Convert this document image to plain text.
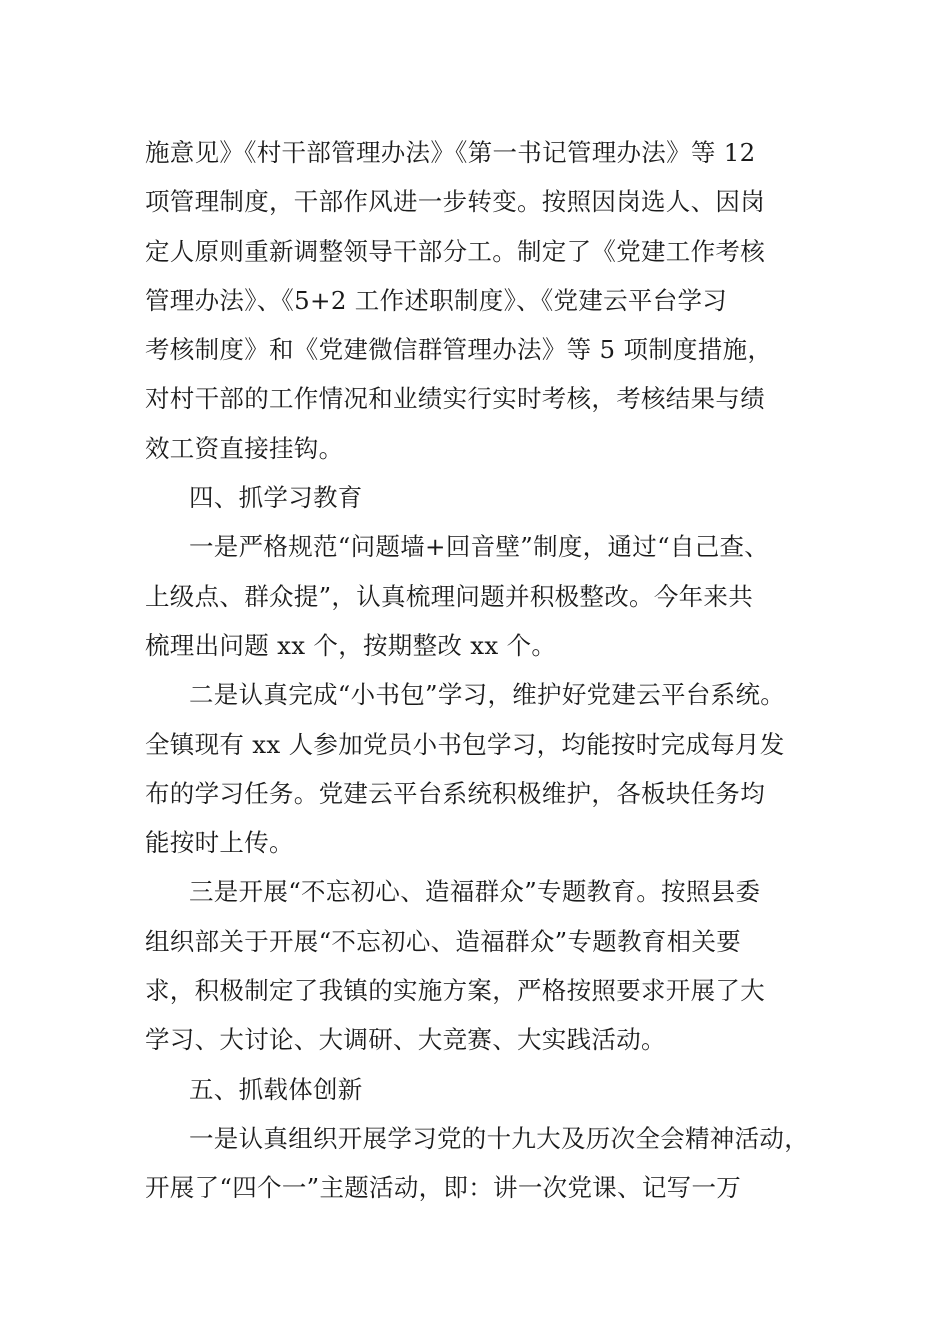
施意见》《村干部管理办法》《第一书记管理办法》等 12
项管理制度，干部作风进一步转变。按照因岗选人、因岗
定人原则重新调整领导干部分工。制定了《党建工作考核
管理办法》、《5+2 工作述职制度》、《党建云平台学习
考核制度》和《党建微信群管理办法》等 5 项制度措施，
对村干部的工作情况和业绩实行实时考核，考核结果与绩
效工资直接挂钩。
四、抓学习教育
一是严格规范“问题墙+回音壁”制度，通过“自己查、
上级点、群众提”，认真梳理问题并积极整改。今年来共
梳理出问题 xx 个，按期整改 xx 个。
二是认真完成“小书包”学习，维护好党建云平台系统。
全镇现有 xx 人参加党员小书包学习，均能按时完成每月发
布的学习任务。党建云平台系统积极维护，各板块任务均
能按时上传。
三是开展“不忘初心、造福群众”专题教育。按照县委
组织部关于开展“不忘初心、造福群众”专题教育相关要
求，积极制定了我镇的实施方案，严格按照要求开展了大
学习、大讨论、大调研、大竞赛、大实践活动。
五、抓载体创新
一是认真组织开展学习党的十九大及历次全会精神活动，
开展了“四个一”主题活动，即：讲一次党课、记写一万
